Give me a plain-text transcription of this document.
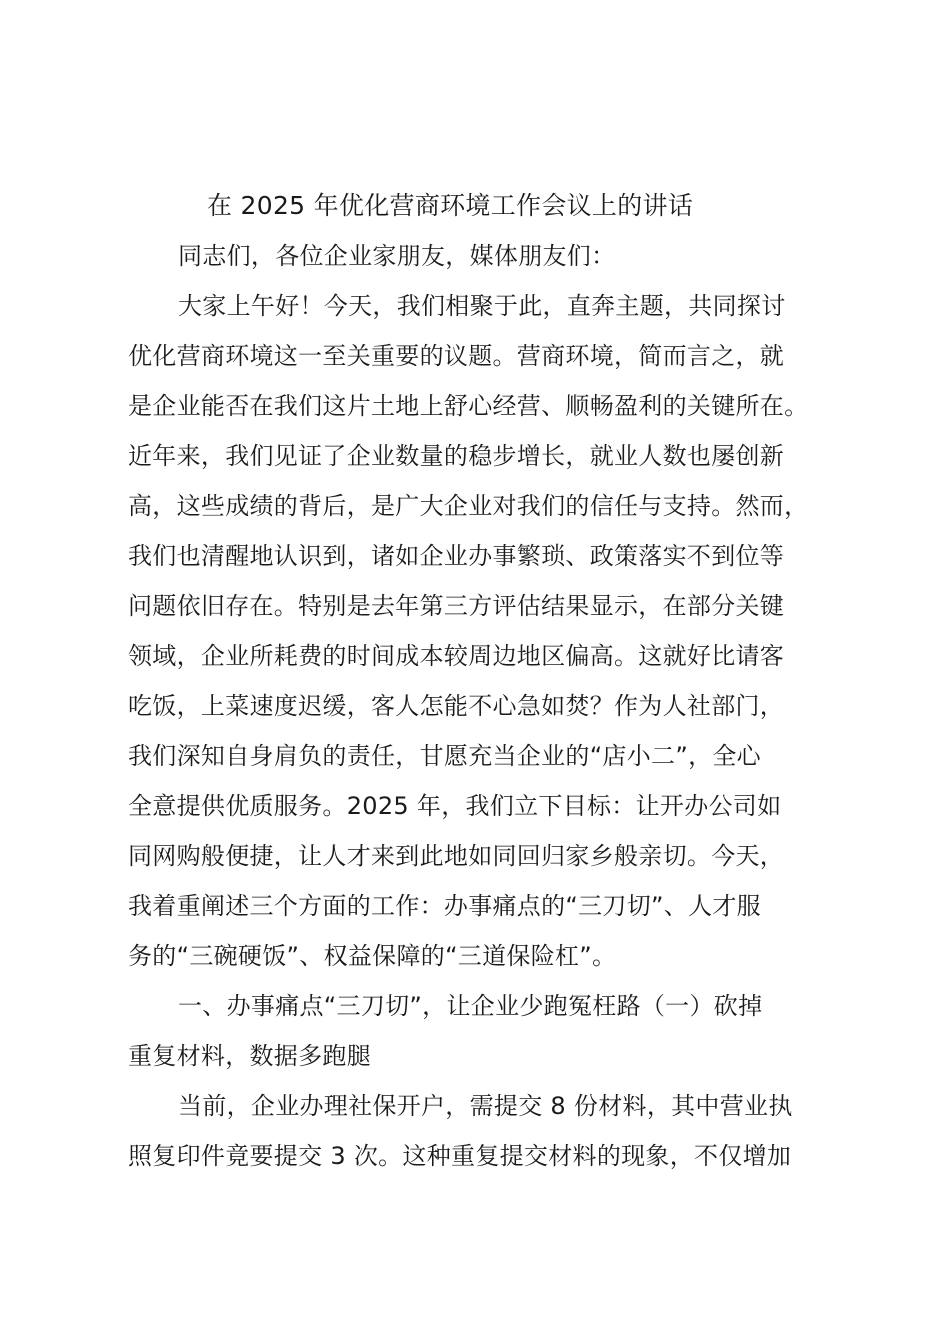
在 2025 年优化营商环境工作会议上的讲话

同志们，各位企业家朋友，媒体朋友们：

大家上午好！今天，我们相聚于此，直奔主题，共同探讨

优化营商环境这一至关重要的议题。营商环境，简而言之，就

是企业能否在我们这片土地上舒心经营、顺畅盈利的关键所在。

近年来，我们见证了企业数量的稳步增长，就业人数也屡创新

高，这些成绩的背后，是广大企业对我们的信任与支持。然而，

我们也清醒地认识到，诸如企业办事繁琐、政策落实不到位等

问题依旧存在。特别是去年第三方评估结果显示，在部分关键

领域，企业所耗费的时间成本较周边地区偏高。这就好比请客

吃饭，上菜速度迟缓，客人怎能不心急如焚？作为人社部门，

我们深知自身肩负的责任，甘愿充当企业的“店小二”，全心

全意提供优质服务。2025 年，我们立下目标：让开办公司如

同网购般便捷，让人才来到此地如同回归家乡般亲切。今天，

我着重阐述三个方面的工作：办事痛点的“三刀切”、人才服

务的“三碗硬饭”、权益保障的“三道保险杠”。

一、办事痛点“三刀切”，让企业少跑冤枉路（一）砍掉

重复材料，数据多跑腿

当前，企业办理社保开户，需提交 8 份材料，其中营业执

照复印件竟要提交 3 次。这种重复提交材料的现象，不仅增加
